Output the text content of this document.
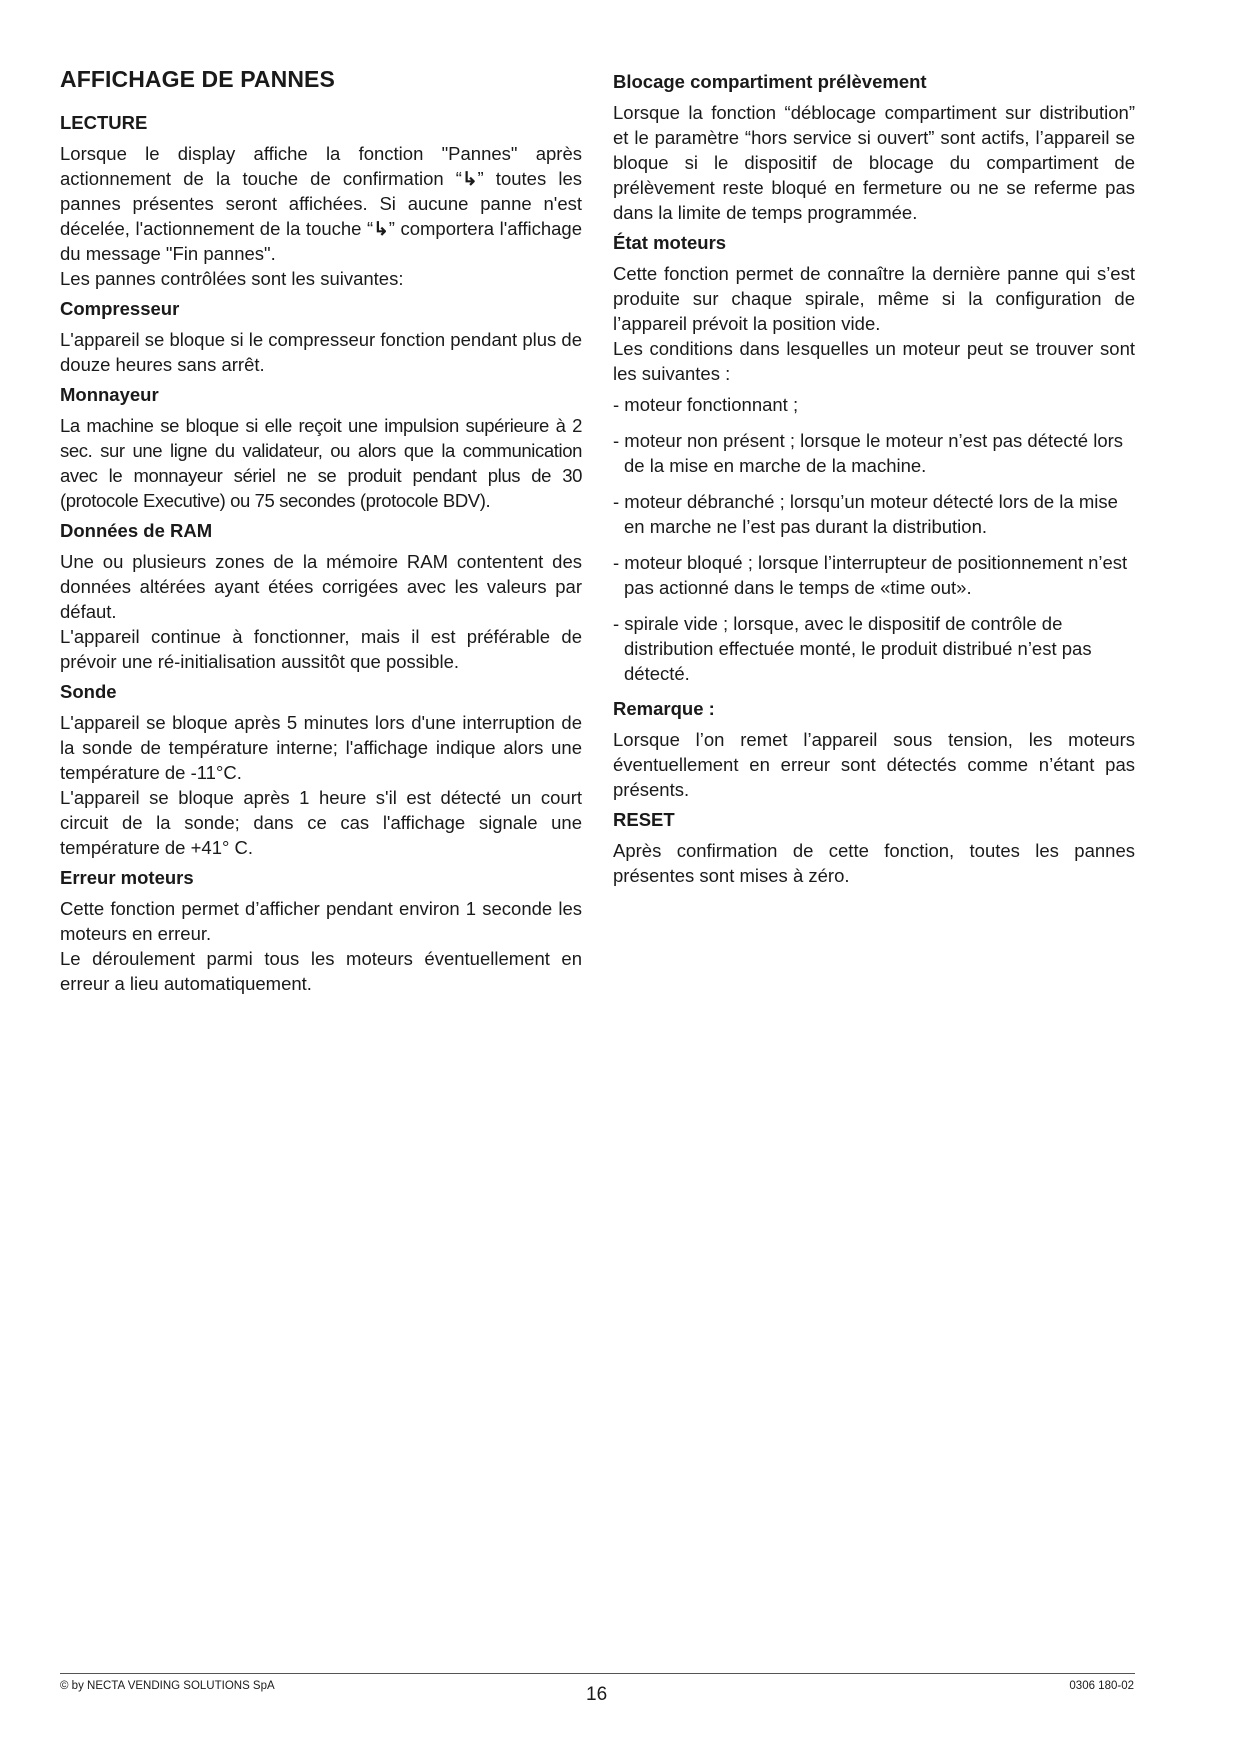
AFFICHAGE DE PANNES
LECTURE

Lorsque le display affiche la fonction "Pannes" après actionnement de la touche de confirmation “↳” toutes les pannes présentes seront affichées. Si aucune panne n'est décelée, l'actionnement de la touche “↳” comportera l'affichage du message "Fin pannes".

Les pannes contrôlées sont les suivantes:

Compresseur

L'appareil se bloque si le compresseur fonction pendant plus de douze heures sans arrêt.

Monnayeur

La machine se bloque si elle reçoit une impulsion supérieure à 2 sec. sur une ligne du validateur, ou alors que la communication avec le monnayeur sériel ne se produit pendant plus de 30 (protocole Executive) ou 75 secondes (protocole BDV).

Données de RAM

Une ou plusieurs zones de la mémoire RAM contentent des données altérées ayant étées corrigées avec les valeurs par défaut.

L'appareil continue à fonctionner, mais il est préférable de prévoir une ré-initialisation aussitôt que possible.

Sonde

L'appareil se bloque après 5 minutes lors d'une interruption de la sonde de température interne; l'affichage indique alors une température de -11°C.

L'appareil se bloque après 1 heure s'il est détecté un court circuit de la sonde; dans ce cas l'affichage signale une température de +41° C.

Erreur moteurs

Cette fonction permet d’afficher pendant environ 1 seconde les moteurs en erreur.

Le déroulement parmi tous les moteurs éventuellement en erreur a lieu automatiquement.

Blocage compartiment prélèvement

Lorsque la fonction “déblocage compartiment sur distribution” et le paramètre “hors service si ouvert” sont actifs, l’appareil se bloque si le dispositif de blocage du compartiment de prélèvement reste bloqué en fermeture ou ne se referme pas dans la limite de temps programmée.

État moteurs

Cette fonction permet de connaître la dernière panne qui s’est produite sur chaque spirale, même si la configuration de l’appareil prévoit la position vide.

Les conditions dans lesquelles un moteur peut se trouver sont les suivantes :

- moteur fonctionnant ;
- moteur non présent ; lorsque le moteur n’est pas détecté lors de la mise en marche de la machine.
- moteur débranché ; lorsqu’un moteur détecté lors de la mise en marche ne l’est pas durant la distribution.
- moteur bloqué ; lorsque l’interrupteur de positionnement n’est pas actionné dans le temps de «time out».
- spirale vide ; lorsque, avec le dispositif de contrôle de distribution effectuée monté, le produit distribué n’est pas détecté.
Remarque :

Lorsque l’on remet l’appareil sous tension, les moteurs éventuellement en erreur sont détectés comme n’étant pas présents.

RESET

Après confirmation de cette fonction, toutes les pannes présentes sont mises à zéro.

© by NECTA VENDING SOLUTIONS SpA	16	0306 180-02
